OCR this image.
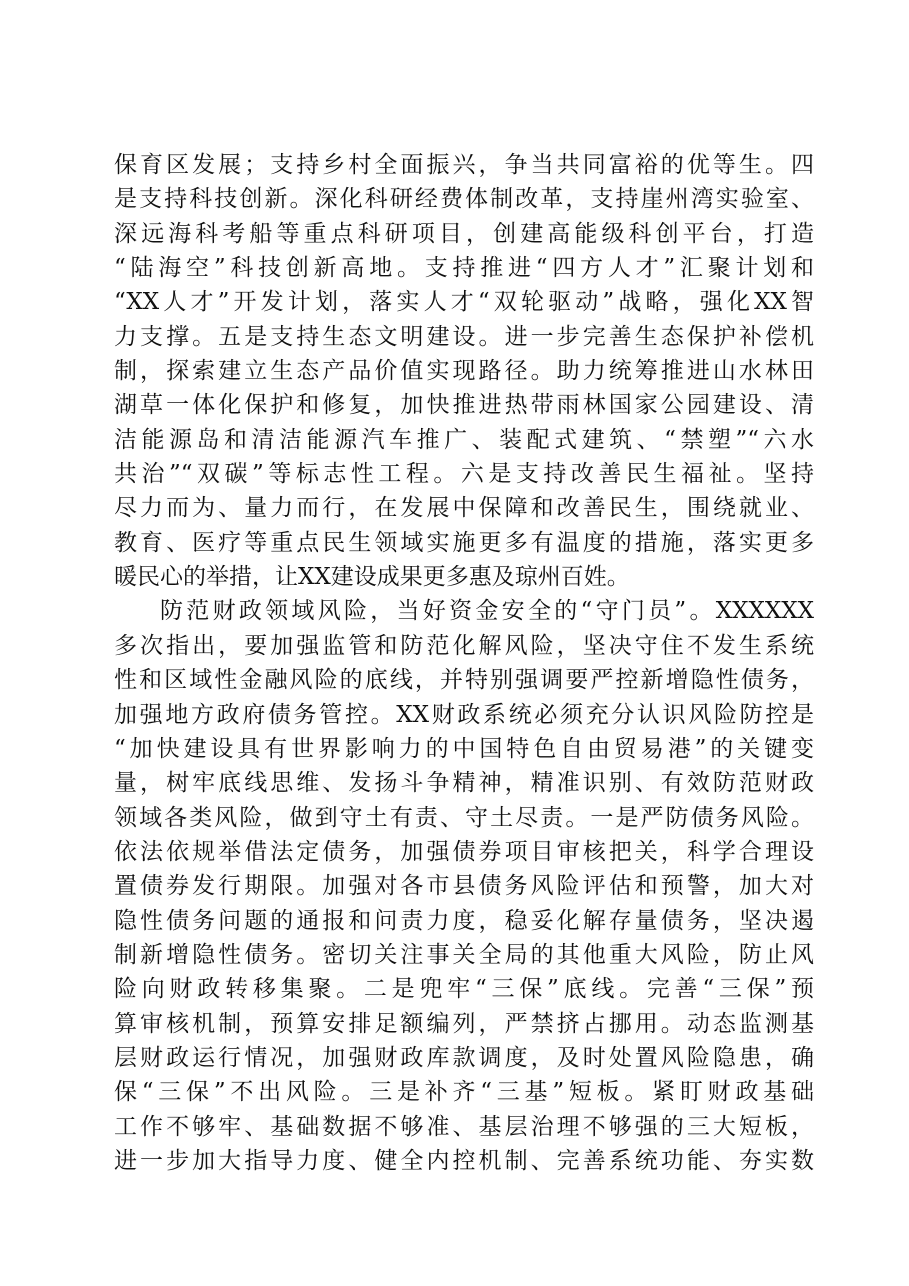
保育区发展；支持乡村全面振兴，争当共同富裕的优等生。四
是支持科技创新。深化科研经费体制改革，支持崖州湾实验室、
深远海科考船等重点科研项目，创建高能级科创平台，打造
“陆海空”科技创新高地。支持推进“四方人才”汇聚计划和
“XX人才”开发计划，落实人才“双轮驱动”战略，强化XX智
力支撑。五是支持生态文明建设。进一步完善生态保护补偿机
制，探索建立生态产品价值实现路径。助力统筹推进山水林田
湖草一体化保护和修复，加快推进热带雨林国家公园建设、清
洁能源岛和清洁能源汽车推广、装配式建筑、“禁塑”“六水
共治”“双碳”等标志性工程。六是支持改善民生福祉。坚持
尽力而为、量力而行，在发展中保障和改善民生，围绕就业、
教育、医疗等重点民生领域实施更多有温度的措施，落实更多
暖民心的举措，让XX建设成果更多惠及琼州百姓。
防范财政领域风险，当好资金安全的“守门员”。XXXXXX
多次指出，要加强监管和防范化解风险，坚决守住不发生系统
性和区域性金融风险的底线，并特别强调要严控新增隐性债务，
加强地方政府债务管控。XX财政系统必须充分认识风险防控是
“加快建设具有世界影响力的中国特色自由贸易港”的关键变
量，树牢底线思维、发扬斗争精神，精准识别、有效防范财政
领域各类风险，做到守土有责、守土尽责。一是严防债务风险。
依法依规举借法定债务，加强债券项目审核把关，科学合理设
置债券发行期限。加强对各市县债务风险评估和预警，加大对
隐性债务问题的通报和问责力度，稳妥化解存量债务，坚决遏
制新增隐性债务。密切关注事关全局的其他重大风险，防止风
险向财政转移集聚。二是兜牢“三保”底线。完善“三保”预
算审核机制，预算安排足额编列，严禁挤占挪用。动态监测基
层财政运行情况，加强财政库款调度，及时处置风险隐患，确
保“三保”不出风险。三是补齐“三基”短板。紧盯财政基础
工作不够牢、基础数据不够准、基层治理不够强的三大短板，
进一步加大指导力度、健全内控机制、完善系统功能、夯实数
